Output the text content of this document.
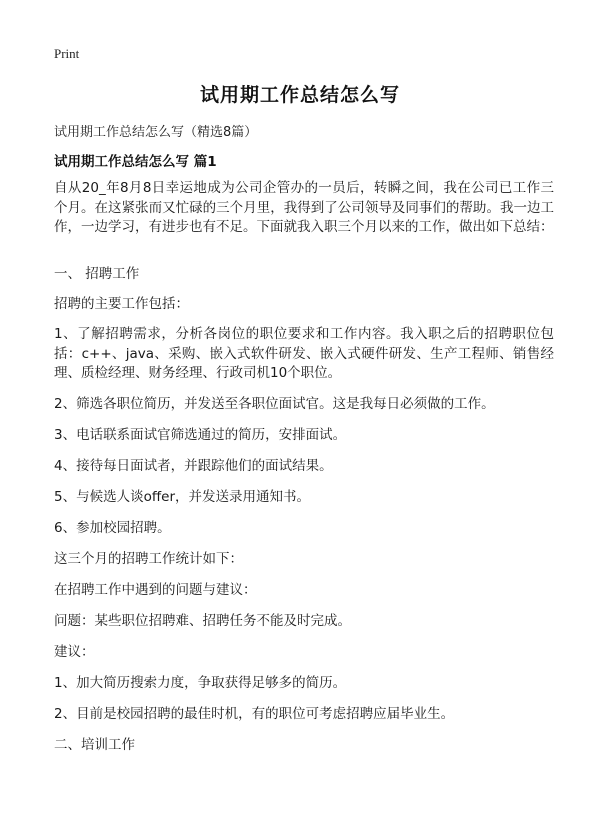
Print
试用期工作总结怎么写
试用期工作总结怎么写（精选8篇）
试用期工作总结怎么写 篇1
自从20_年8月8日幸运地成为公司企管办的一员后，转瞬之间，我在公司已工作三个月。在这紧张而又忙碌的三个月里，我得到了公司领导及同事们的帮助。我一边工作，一边学习，有进步也有不足。下面就我入职三个月以来的工作，做出如下总结：
一、 招聘工作
招聘的主要工作包括：
1、了解招聘需求，分析各岗位的职位要求和工作内容。我入职之后的招聘职位包括：c++、java、采购、嵌入式软件研发、嵌入式硬件研发、生产工程师、销售经理、质检经理、财务经理、行政司机10个职位。
2、筛选各职位简历，并发送至各职位面试官。这是我每日必须做的工作。
3、电话联系面试官筛选通过的简历，安排面试。
4、接待每日面试者，并跟踪他们的面试结果。
5、与候选人谈offer，并发送录用通知书。
6、参加校园招聘。
这三个月的招聘工作统计如下：
在招聘工作中遇到的问题与建议：
问题：某些职位招聘难、招聘任务不能及时完成。
建议：
1、加大简历搜索力度，争取获得足够多的简历。
2、目前是校园招聘的最佳时机，有的职位可考虑招聘应届毕业生。
二、培训工作
